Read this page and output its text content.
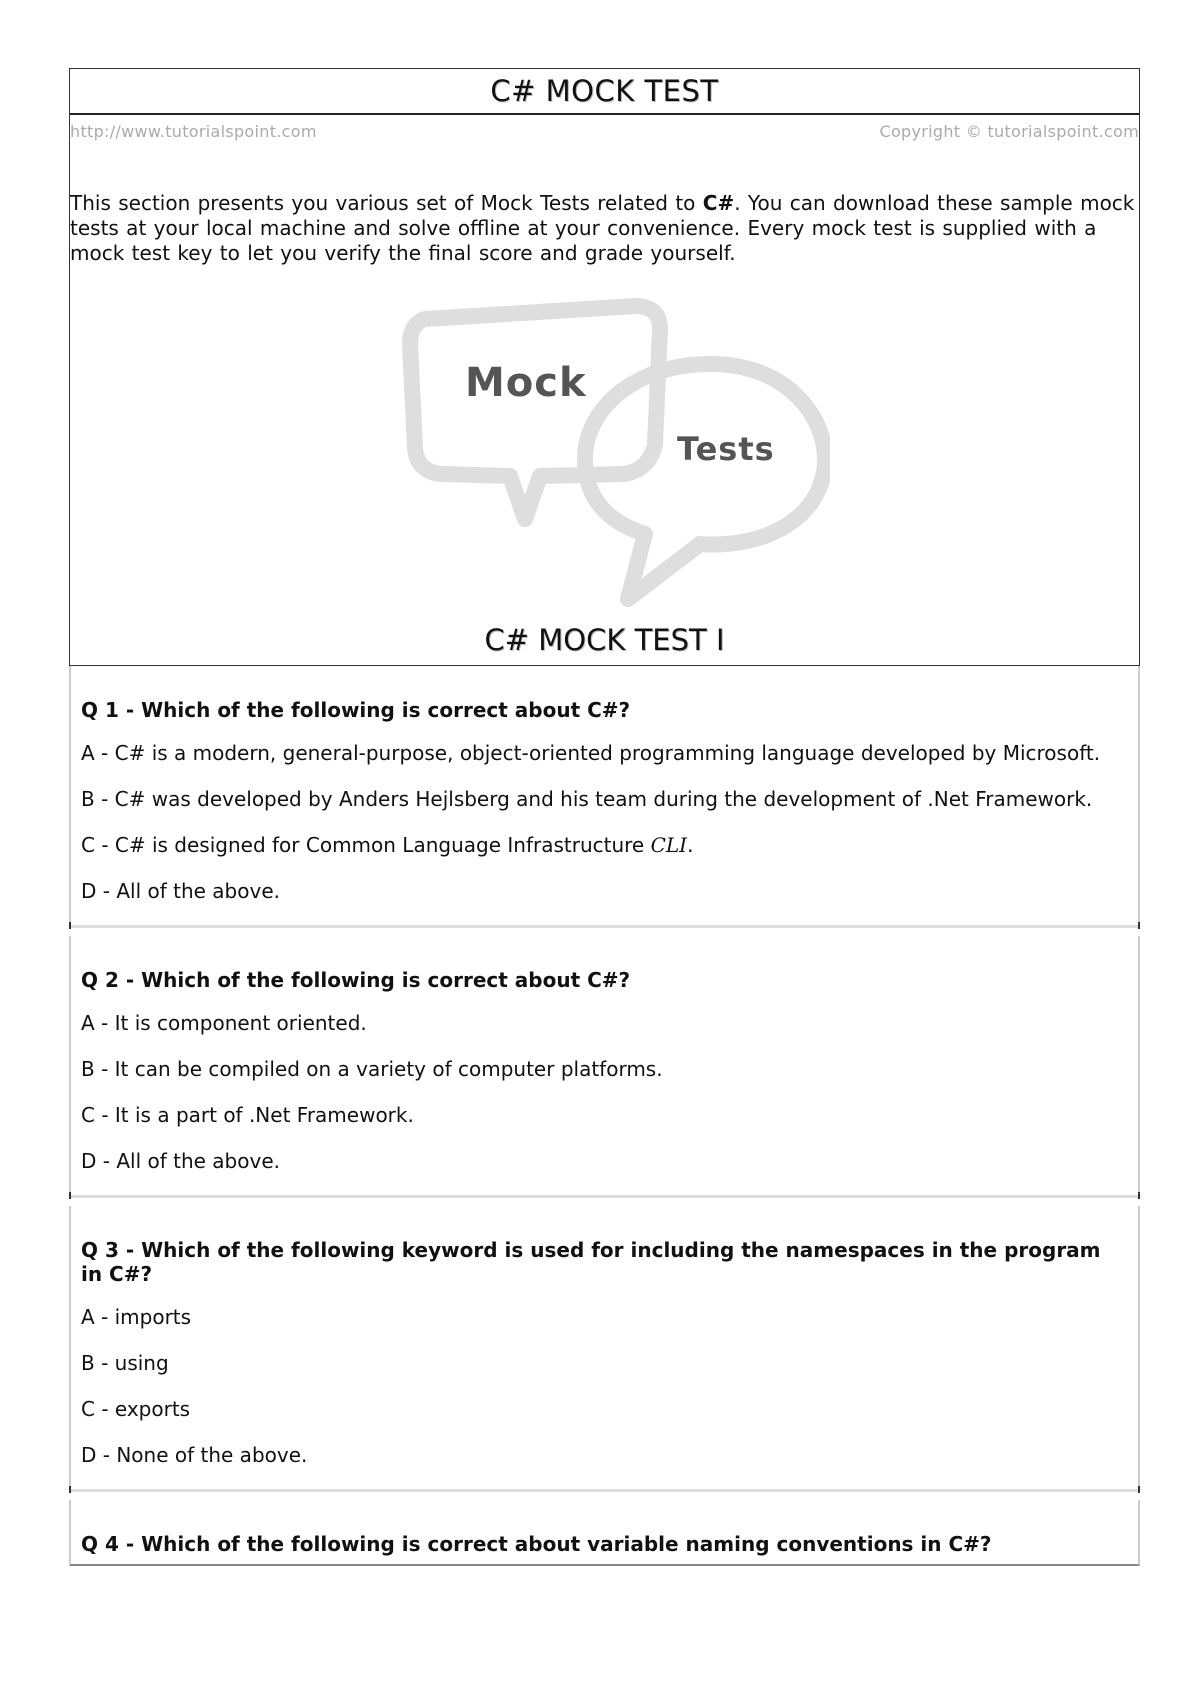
C# MOCK TEST
http://www.tutorialspoint.com	Copyright © tutorialspoint.com

This section presents you various set of Mock Tests related to C#. You can download these sample mock tests at your local machine and solve offline at your convenience. Every mock test is supplied with a mock test key to let you verify the final score and grade yourself.

Mock
Tests
C# MOCK TEST I
Q 1 - Which of the following is correct about C#?
A - C# is a modern, general-purpose, object-oriented programming language developed by Microsoft.
B - C# was developed by Anders Hejlsberg and his team during the development of .Net Framework.
C - C# is designed for Common Language Infrastructure CLI.
D - All of the above.
Q 2 - Which of the following is correct about C#?
A - It is component oriented.
B - It can be compiled on a variety of computer platforms.
C - It is a part of .Net Framework.
D - All of the above.
Q 3 - Which of the following keyword is used for including the namespaces in the program in C#?
A - imports
B - using
C - exports
D - None of the above.
Q 4 - Which of the following is correct about variable naming conventions in C#?
